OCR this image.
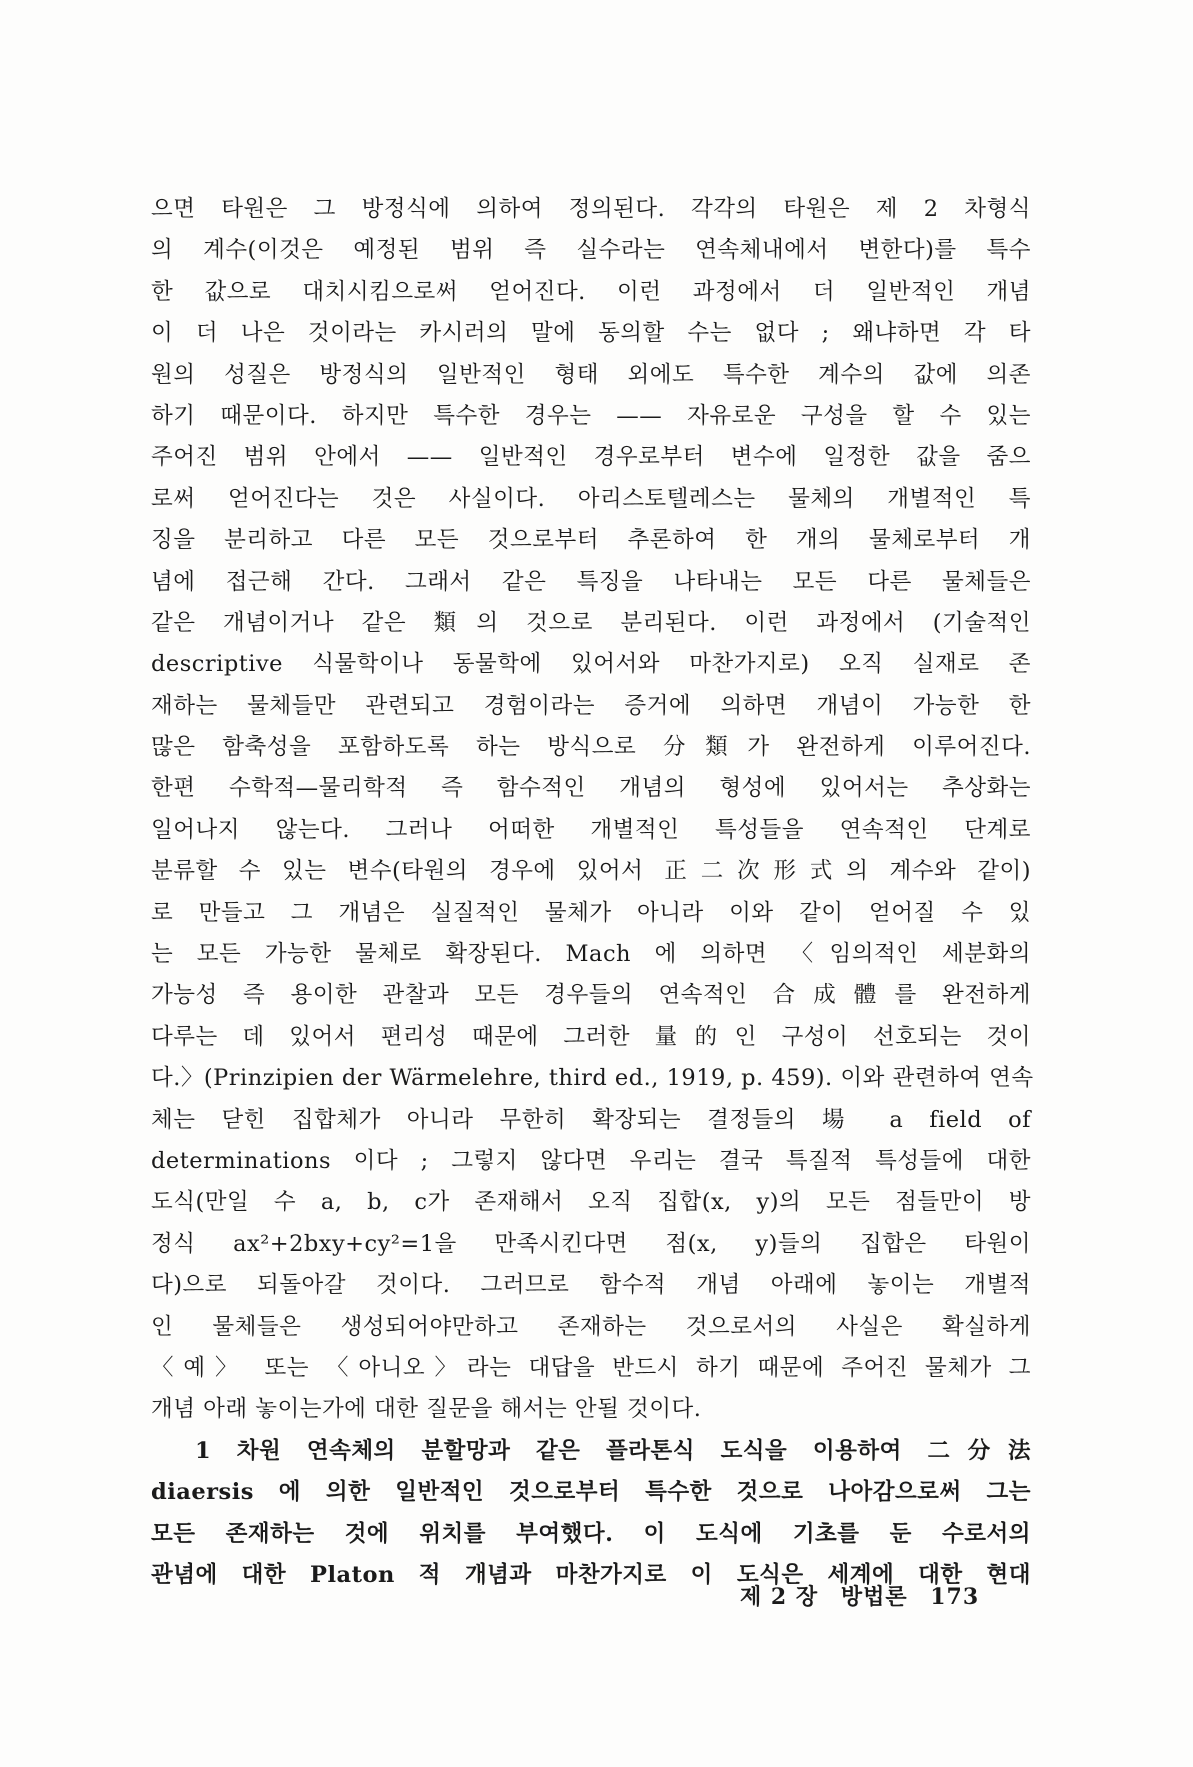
으면 타원은 그 방정식에 의하여 정의된다. 각각의 타원은 제 2 차형식
의 계수(이것은 예정된 범위 즉 실수라는 연속체내에서 변한다)를 특수
한 값으로 대치시킴으로써 얻어진다. 이런 과정에서 더 일반적인 개념
이 더 나은 것이라는 카시러의 말에 동의할 수는 없다 ; 왜냐하면 각 타
원의 성질은 방정식의 일반적인 형태 외에도 특수한 계수의 값에 의존
하기 때문이다. 하지만 특수한 경우는 —— 자유로운 구성을 할 수 있는
주어진 범위 안에서 —— 일반적인 경우로부터 변수에 일정한 값을 줌으
로써 얻어진다는 것은 사실이다. 아리스토텔레스는 물체의 개별적인 특
징을 분리하고 다른 모든 것으로부터 추론하여 한 개의 물체로부터 개
념에 접근해 간다. 그래서 같은 특징을 나타내는 모든 다른 물체들은
같은 개념이거나 같은 類의 것으로 분리된다. 이런 과정에서 (기술적인
descriptive 식물학이나 동물학에 있어서와 마찬가지로) 오직 실재로 존
재하는 물체들만 관련되고 경험이라는 증거에 의하면 개념이 가능한 한
많은 함축성을 포함하도록 하는 방식으로 分類가 완전하게 이루어진다.
한편 수학적—물리학적 즉 함수적인 개념의 형성에 있어서는 추상화는
일어나지 않는다. 그러나 어떠한 개별적인 특성들을 연속적인 단계로
분류할 수 있는 변수(타원의 경우에 있어서 正二次形式의 계수와 같이)
로 만들고 그 개념은 실질적인 물체가 아니라 이와 같이 얻어질 수 있
는 모든 가능한 물체로 확장된다. Mach 에 의하면 〈임의적인 세분화의
가능성 즉 용이한 관찰과 모든 경우들의 연속적인 合成體를 완전하게
다루는 데 있어서 편리성 때문에 그러한 量的인 구성이 선호되는 것이
다.〉(Prinzipien der Wärmelehre, third ed., 1919, p. 459). 이와 관련하여 연속
체는 닫힌 집합체가 아니라 무한히 확장되는 결정들의 場 a field of
determinations 이다 ; 그렇지 않다면 우리는 결국 특질적 특성들에 대한
도식(만일 수 a, b, c가 존재해서 오직 집합(x, y)의 모든 점들만이 방
정식 ax²+2bxy+cy²=1을 만족시킨다면 점(x, y)들의 집합은 타원이
다)으로 되돌아갈 것이다. 그러므로 함수적 개념 아래에 놓이는 개별적
인 물체들은 생성되어야만하고 존재하는 것으로서의 사실은 확실하게
〈예〉 또는 〈아니오〉라는 대답을 반드시 하기 때문에 주어진 물체가 그
개념 아래 놓이는가에 대한 질문을 해서는 안될 것이다.
1 차원 연속체의 분할망과 같은 플라톤식 도식을 이용하여 二分法
diaersis 에 의한 일반적인 것으로부터 특수한 것으로 나아감으로써 그는
모든 존재하는 것에 위치를 부여했다. 이 도식에 기초를 둔 수로서의
관념에 대한 Platon 적 개념과 마찬가지로 이 도식은 세계에 대한 현대
제 2 장 방법론 173
